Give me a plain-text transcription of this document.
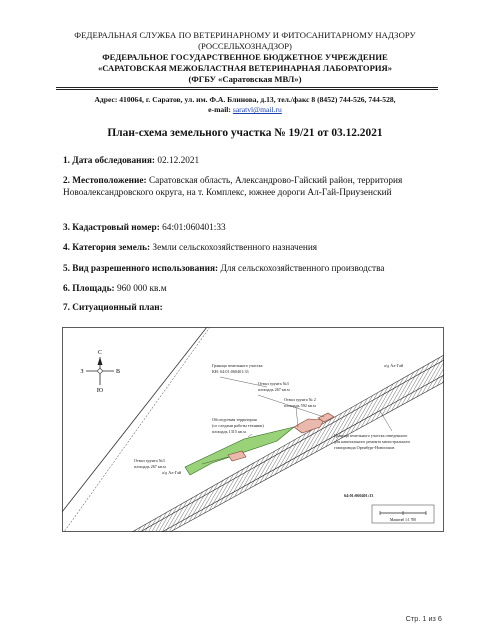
ФЕДЕРАЛЬНАЯ СЛУЖБА ПО ВЕТЕРИНАРНОМУ И ФИТОСАНИТАРНОМУ НАДЗОРУ
(РОССЕЛЬХОЗНАДЗОР)
ФЕДЕРАЛЬНОЕ ГОСУДАРСТВЕННОЕ БЮДЖЕТНОЕ УЧРЕЖДЕНИЕ
«САРАТОВСКАЯ МЕЖОБЛАСТНАЯ ВЕТЕРИНАРНАЯ ЛАБОРАТОРИЯ»
(ФГБУ «Саратовская МВЛ»)
Адрес: 410064, г. Саратов, ул. им. Ф.А. Блинова, д.13, тел./факс 8 (8452) 744-526, 744-528,
e-mail: saratvl@mail.ru
План-схема земельного участка № 19/21 от 03.12.2021
1. Дата обследования: 02.12.2021
2. Местоположение: Саратовская область, Александрово-Гайский район, территория Новоалександровского округа, на т. Комплекс, южнее дороги Ал-Гай-Приузенский
3. Кадастровый номер: 64:01:060401:33
4. Категория земель: Земли сельскохозяйственного назначения
5. Вид разрешенного использования: Для сельскохозяйственного производства
6. Площадь: 960 000 кв.м
7. Ситуационный план:
С
З	В
Ю
Граница земельного участка
КН: 64:01:060401:33
Отвал грунта №3
площадь 267 кв.м
Отвал грунта № 2
площадь 592 кв.м
Обследуемая территория
(со следами работы техники)
площадь 1315 кв.м
Отвал грунта №3
площадь 267 кв.м
Граница земельного участка отведенного
для капитального ремонта магистрального
газопровода Оренбург-Новопсков
64:01:060401:33
а/д Ал-Гай
а/д Ал-Гай
Масштаб 1:1 700
Стр. 1 из 6
